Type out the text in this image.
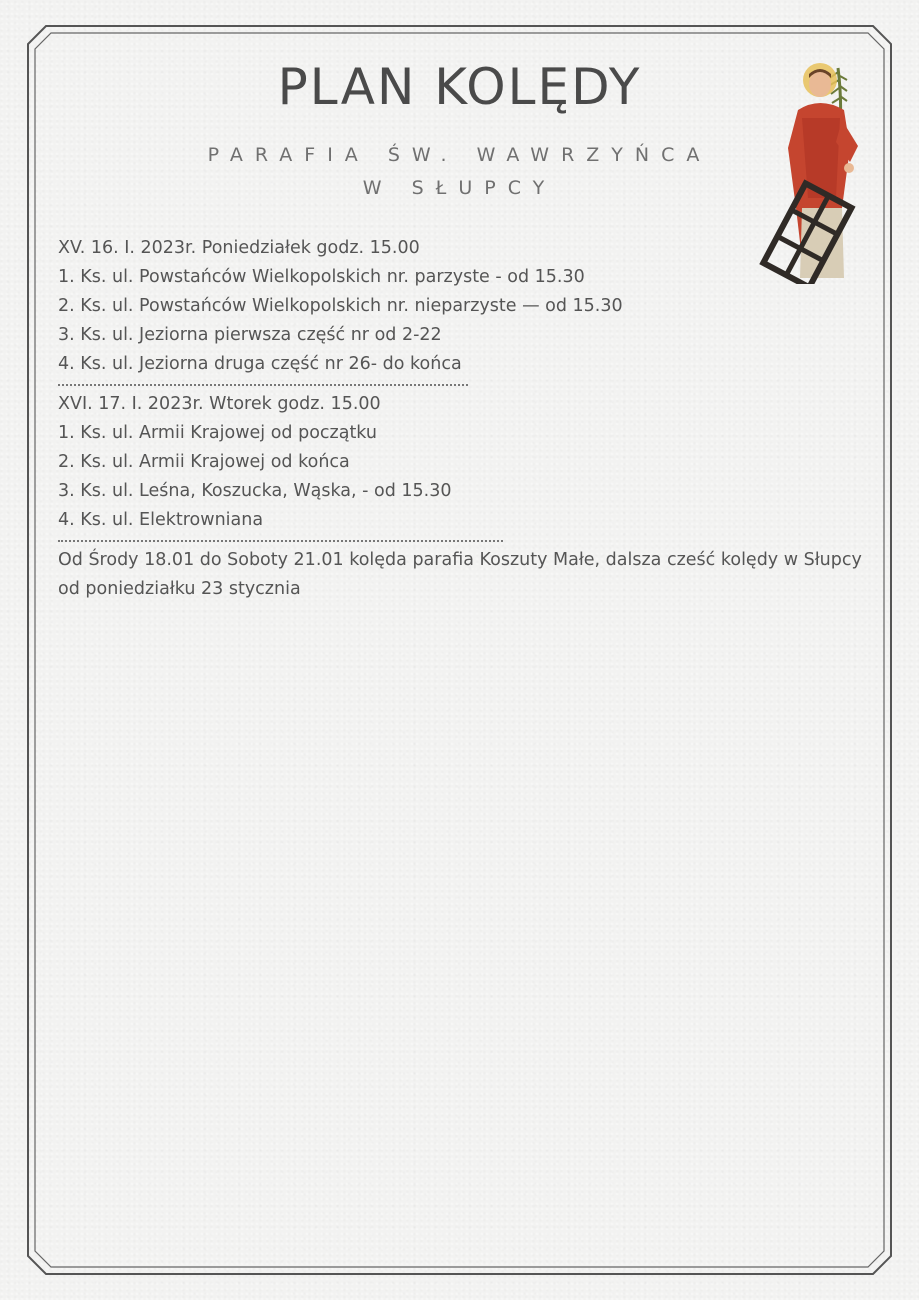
PLAN KOLĘDY

PARAFIA ŚW. WAWRZYŃCA

W SŁUPCY

XV. 16. I. 2023r. Poniedziałek godz. 15.00
1. Ks. ul. Powstańców Wielkopolskich nr. parzyste - od 15.30
2. Ks. ul. Powstańców Wielkopolskich nr. nieparzyste — od 15.30
3. Ks. ul. Jeziorna pierwsza część nr od 2-22
4. Ks. ul. Jeziorna druga część nr 26- do końca
XVI. 17. I. 2023r. Wtorek godz. 15.00
1. Ks. ul. Armii Krajowej od początku
2. Ks. ul. Armii Krajowej od końca
3. Ks. ul. Leśna, Koszucka, Wąska, - od 15.30
4. Ks. ul. Elektrowniana
Od Środy 18.01 do Soboty 21.01 kolęda parafia Koszuty Małe, dalsza cześć kolędy w Słupcy od poniedziałku 23 stycznia
